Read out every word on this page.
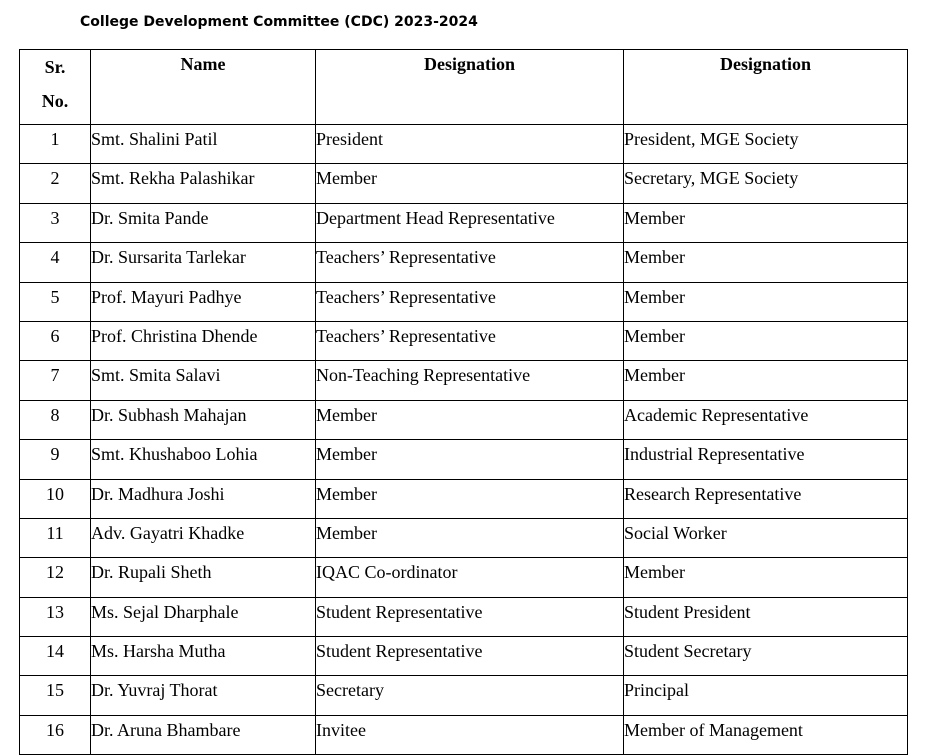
College Development Committee (CDC) 2023-2024
Sr.
No.	Name	Designation	Designation
1	Smt. Shalini Patil	President	President, MGE Society
2	Smt. Rekha Palashikar	Member	Secretary, MGE Society
3	Dr. Smita Pande	Department Head Representative	Member
4	Dr. Sursarita Tarlekar	Teachers’ Representative	Member
5	Prof. Mayuri Padhye	Teachers’ Representative	Member
6	Prof. Christina Dhende	Teachers’ Representative	Member
7	Smt. Smita Salavi	Non-Teaching Representative	Member
8	Dr. Subhash Mahajan	Member	Academic Representative
9	Smt. Khushaboo Lohia	Member	Industrial Representative
10	Dr. Madhura Joshi	Member	Research Representative
11	Adv. Gayatri Khadke	Member	Social Worker
12	Dr. Rupali Sheth	IQAC Co-ordinator	Member
13	Ms. Sejal Dharphale	Student Representative	Student President
14	Ms. Harsha Mutha	Student Representative	Student Secretary
15	Dr. Yuvraj Thorat	Secretary	Principal
16	Dr. Aruna Bhambare	Invitee	Member of Management
